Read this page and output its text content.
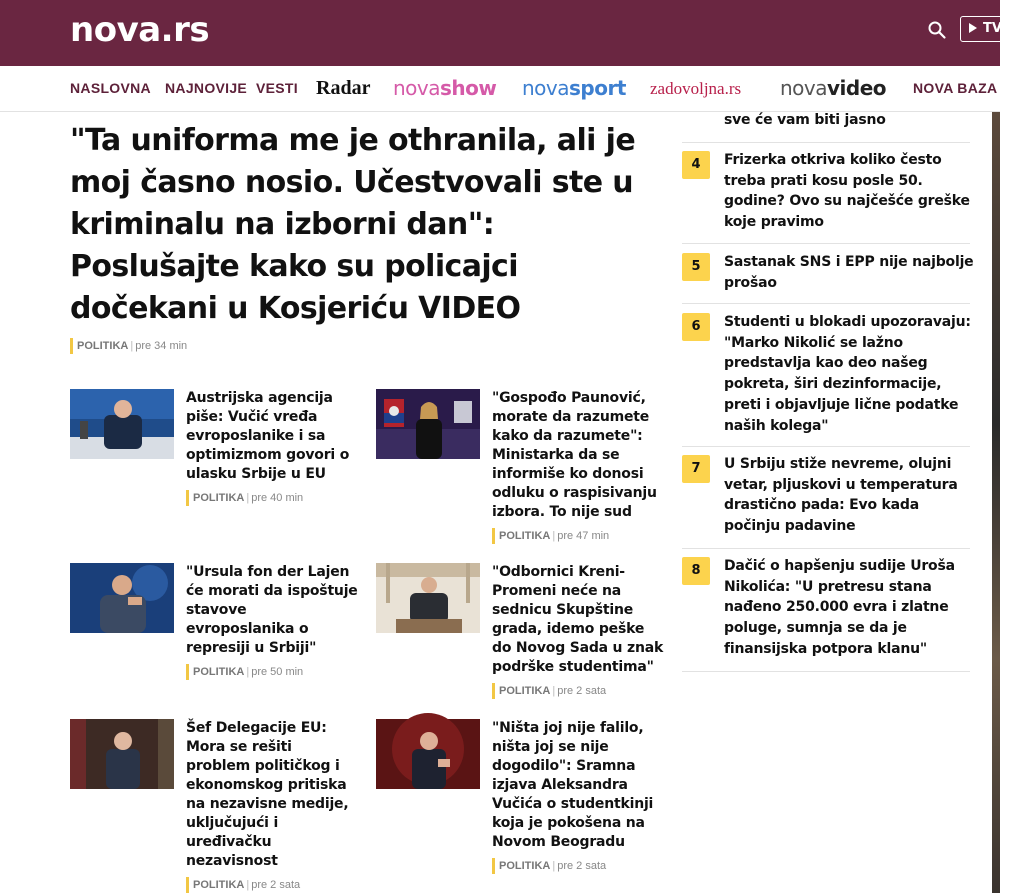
nova.rs	TV
NASLOVNA NAJNOVIJE VESTI Radar novashow novasport zadovoljna.rs novavideo NOVA BAZA
"Ta uniforma me je othranila, ali je moj časno nosio. Učestvovali ste u kriminalu na izborni dan": Poslušajte kako su policajci dočekani u Kosjeriću VIDEO
POLITIKA | pre 34 min
Austrijska agencija piše: Vučić vređa evroposlanike i sa optimizmom govori o ulasku Srbije u EU
POLITIKA | pre 40 min
"Gospođo Paunović, morate da razumete kako da razumete": Ministarka da se informiše ko donosi odluku o raspisivanju izbora. To nije sud
POLITIKA | pre 47 min
"Ursula fon der Lajen će morati da ispoštuje stavove evroposlanika o represiji u Srbiji"
POLITIKA | pre 50 min
"Odbornici Kreni-Promeni neće na sednicu Skupštine grada, idemo peške do Novog Sada u znak podrške studentima"
POLITIKA | pre 2 sata
Šef Delegacije EU: Mora se rešiti problem političkog i ekonomskog pritiska na nezavisne medije, uključujući i uređivačku nezavisnost
POLITIKA | pre 2 sata
"Ništa joj nije falilo, ništa joj se nije dogodilo": Sramna izjava Aleksandra Vučića o studentkinji koja je pokošena na Novom Beogradu
POLITIKA | pre 2 sata
sve će vam biti jasno
4	Frizerka otkriva koliko često treba prati kosu posle 50. godine? Ovo su najčešće greške koje pravimo
5	Sastanak SNS i EPP nije najbolje prošao
6	Studenti u blokadi upozoravaju: "Marko Nikolić se lažno predstavlja kao deo našeg pokreta, širi dezinformacije, preti i objavljuje lične podatke naših kolega"
7	U Srbiju stiže nevreme, olujni vetar, pljuskovi u temperatura drastično pada: Evo kada počinju padavine
8	Dačić o hapšenju sudije Uroša Nikolića: "U pretresu stana nađeno 250.000 evra i zlatne poluge, sumnja se da je finansijska potpora klanu"
